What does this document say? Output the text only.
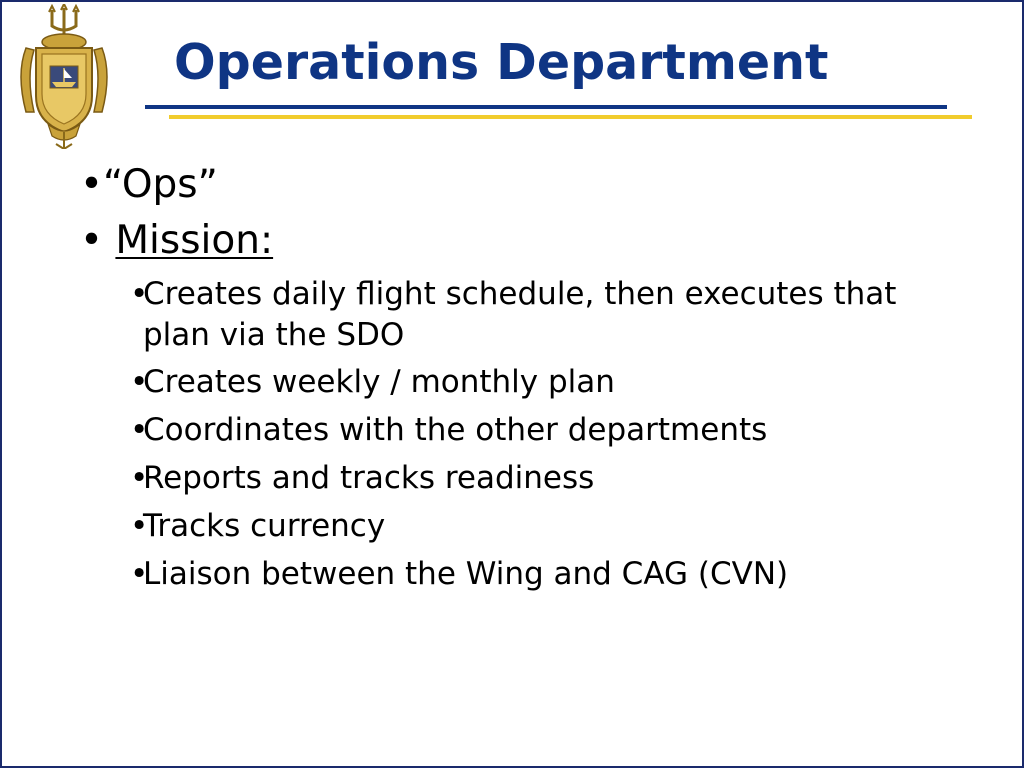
Operations Department
•“Ops”
• Mission:
•
Creates daily flight schedule, then executes that plan via the SDO
•
Creates weekly / monthly plan
•
Coordinates with the other departments
•
Reports and tracks readiness
•
Tracks currency
•
Liaison between the Wing and CAG (CVN)
